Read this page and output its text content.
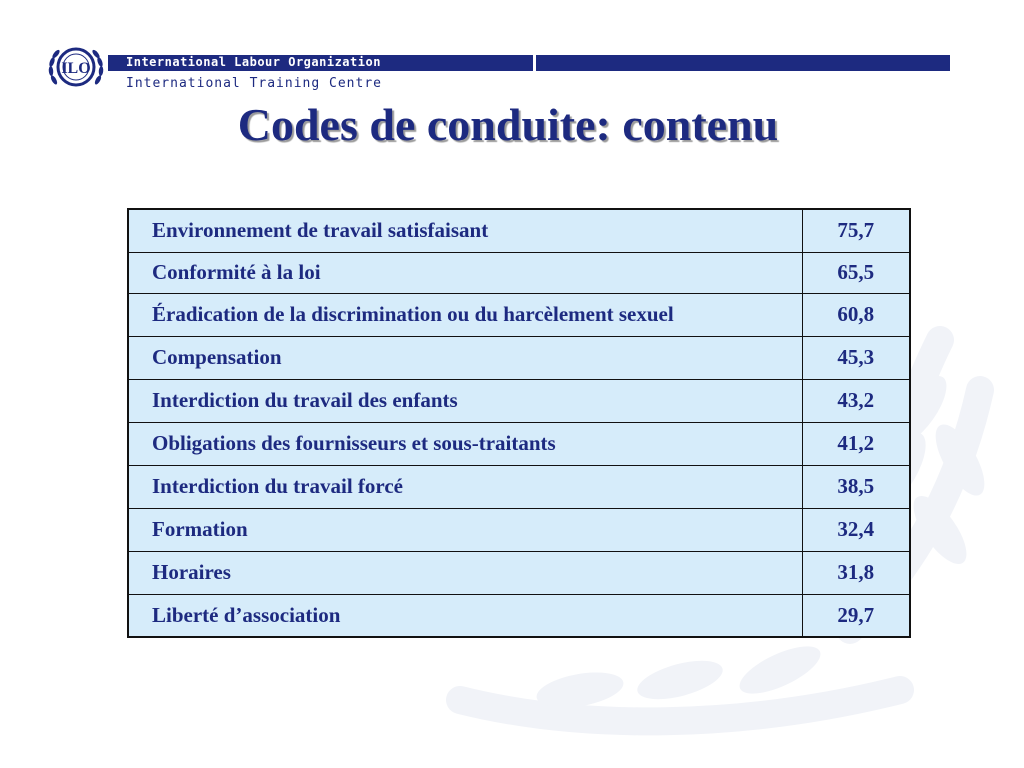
ILO	International Labour Organization
International Training Centre
Codes de conduite: contenu
Environnement de travail satisfaisant	75,7
Conformité à la loi	65,5
Éradication de la discrimination ou du harcèlement sexuel	60,8
Compensation	45,3
Interdiction du travail des enfants	43,2
Obligations des fournisseurs et sous-traitants	41,2
Interdiction du travail forcé	38,5
Formation	32,4
Horaires	31,8
Liberté d’association	29,7
